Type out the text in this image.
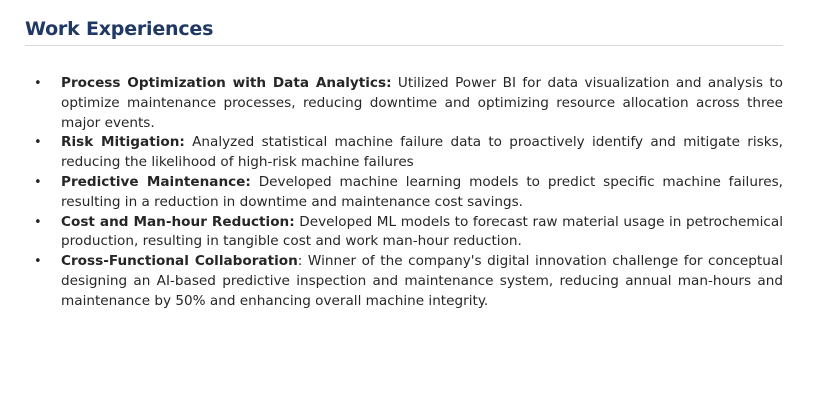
Work Experiences
• Process Optimization with Data Analytics: Utilized Power BI for data visualization and analysis to optimize maintenance processes, reducing downtime and optimizing resource allocation across three major events.
• Risk Mitigation: Analyzed statistical machine failure data to proactively identify and mitigate risks, reducing the likelihood of high-risk machine failures
• Predictive Maintenance: Developed machine learning models to predict specific machine failures, resulting in a reduction in downtime and maintenance cost savings.
• Cost and Man-hour Reduction: Developed ML models to forecast raw material usage in petrochemical production, resulting in tangible cost and work man-hour reduction.
• Cross-Functional Collaboration: Winner of the company's digital innovation challenge for conceptual designing an AI-based predictive inspection and maintenance system, reducing annual man-hours and maintenance by 50% and enhancing overall machine integrity.
